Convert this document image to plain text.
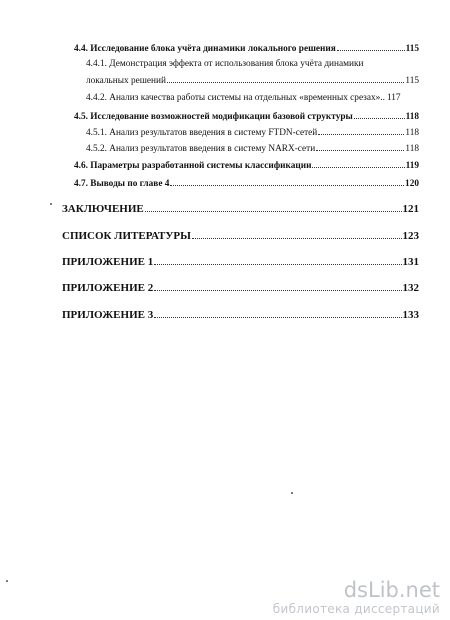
4.4. Исследование блока учёта динамики локального решения	115
4.4.1. Демонстрация эффекта от использования блока учёта динамики
локальных решений	115
4.4.2. Анализ качества работы системы на отдельных «временных срезах».. 117
4.5. Исследование возможностей модификации базовой структуры	118
4.5.1. Анализ результатов введения в систему FTDN-сетей	118
4.5.2. Анализ результатов введения в систему NARX-сети	118
4.6. Параметры разработанной системы классификации	119
4.7. Выводы по главе 4	120
ЗАКЛЮЧЕНИЕ	121
СПИСОК ЛИТЕРАТУРЫ	123
ПРИЛОЖЕНИЕ 1	131
ПРИЛОЖЕНИЕ 2	132
ПРИЛОЖЕНИЕ 3	133
dsLib.net
библиотека диссертаций
